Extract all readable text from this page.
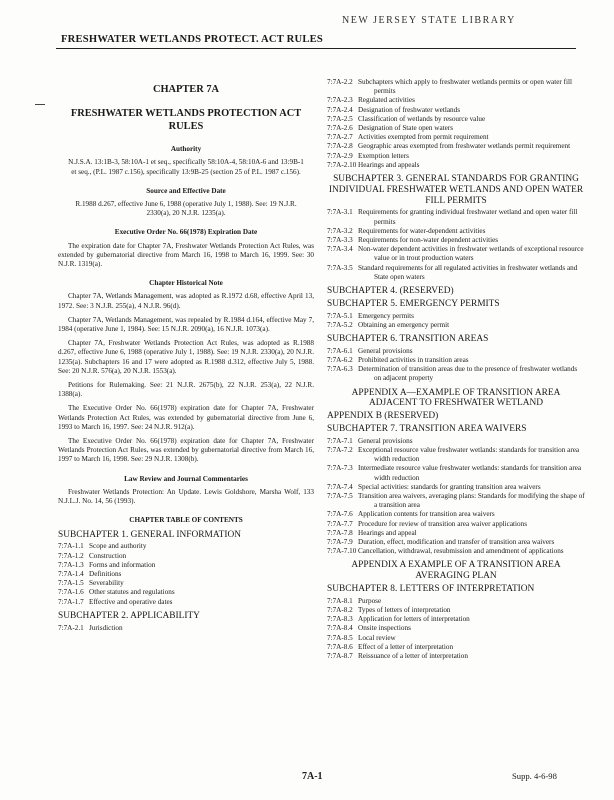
FRESHWATER WETLANDS PROTECT. ACT RULES
NEW JERSEY STATE LIBRARY
CHAPTER 7A
FRESHWATER WETLANDS PROTECTION ACT RULES
Authority
N.J.S.A. 13:1B-3, 58:10A-1 et seq., specifically 58:10A-4, 58:10A-6 and 13:9B-1 et seq., (P.L. 1987 c.156), specifically 13:9B-25 (section 25 of P.L. 1987 c.156).
Source and Effective Date
R.1988 d.267, effective June 6, 1988 (operative July 1, 1988). See: 19 N.J.R. 2330(a), 20 N.J.R. 1235(a).
Executive Order No. 66(1978) Expiration Date
The expiration date for Chapter 7A, Freshwater Wetlands Protection Act Rules, was extended by gubernatorial directive from March 16, 1998 to March 16, 1999. See: 30 N.J.R. 1319(a).
Chapter Historical Note
Chapter 7A, Wetlands Management, was adopted as R.1972 d.68, effective April 13, 1972. See: 3 N.J.R. 255(a), 4 N.J.R. 96(d).
Chapter 7A, Wetlands Management, was repealed by R.1984 d.164, effective May 7, 1984 (operative June 1, 1984). See: 15 N.J.R. 2090(a), 16 N.J.R. 1073(a).
Chapter 7A, Freshwater Wetlands Protection Act Rules, was adopted as R.1988 d.267, effective June 6, 1988 (operative July 1, 1988). See: 19 N.J.R. 2330(a), 20 N.J.R. 1235(a). Subchapters 16 and 17 were adopted as R.1988 d.312, effective July 5, 1988. See: 20 N.J.R. 576(a), 20 N.J.R. 1553(a).
Petitions for Rulemaking. See: 21 N.J.R. 2675(b), 22 N.J.R. 253(a), 22 N.J.R. 1388(a).
The Executive Order No. 66(1978) expiration date for Chapter 7A, Freshwater Wetlands Protection Act Rules, was extended by gubernatorial directive from June 6, 1993 to March 16, 1997. See: 24 N.J.R. 912(a).
The Executive Order No. 66(1978) expiration date for Chapter 7A, Freshwater Wetlands Protection Act Rules, was extended by gubernatorial directive from March 16, 1997 to March 16, 1998. See: 29 N.J.R. 1308(b).
Law Review and Journal Commentaries
Freshwater Wetlands Protection: An Update. Lewis Goldshore, Marsha Wolf, 133 N.J.L.J. No. 14, 56 (1993).
CHAPTER TABLE OF CONTENTS
SUBCHAPTER 1. GENERAL INFORMATION
7:7A-1.1 Scope and authority
7:7A-1.2 Construction
7:7A-1.3 Forms and information
7:7A-1.4 Definitions
7:7A-1.5 Severability
7:7A-1.6 Other statutes and regulations
7:7A-1.7 Effective and operative dates
SUBCHAPTER 2. APPLICABILITY
7:7A-2.1 Jurisdiction
7:7A-2.2 Subchapters which apply to freshwater wetlands permits or open water fill permits
7:7A-2.3 Regulated activities
7:7A-2.4 Designation of freshwater wetlands
7:7A-2.5 Classification of wetlands by resource value
7:7A-2.6 Designation of State open waters
7:7A-2.7 Activities exempted from permit requirement
7:7A-2.8 Geographic areas exempted from freshwater wetlands permit requirement
7:7A-2.9 Exemption letters
7:7A-2.10 Hearings and appeals
SUBCHAPTER 3. GENERAL STANDARDS FOR GRANTING INDIVIDUAL FRESHWATER WETLANDS AND OPEN WATER FILL PERMITS
7:7A-3.1 Requirements for granting individual freshwater wetland and open water fill permits
7:7A-3.2 Requirements for water-dependent activities
7:7A-3.3 Requirements for non-water dependent activities
7:7A-3.4 Non-water dependent activities in freshwater wetlands of exceptional resource value or in trout production waters
7:7A-3.5 Standard requirements for all regulated activities in freshwater wetlands and State open waters
SUBCHAPTER 4. (RESERVED)
SUBCHAPTER 5. EMERGENCY PERMITS
7:7A-5.1 Emergency permits
7:7A-5.2 Obtaining an emergency permit
SUBCHAPTER 6. TRANSITION AREAS
7:7A-6.1 General provisions
7:7A-6.2 Prohibited activities in transition areas
7:7A-6.3 Determination of transition areas due to the presence of freshwater wetlands on adjacent property
APPENDIX A—EXAMPLE OF TRANSITION AREA ADJACENT TO FRESHWATER WETLAND
APPENDIX B (RESERVED)
SUBCHAPTER 7. TRANSITION AREA WAIVERS
7:7A-7.1 General provisions
7:7A-7.2 Exceptional resource value freshwater wetlands: standards for transition area width reduction
7:7A-7.3 Intermediate resource value freshwater wetlands: standards for transition area width reduction
7:7A-7.4 Special activities: standards for granting transition area waivers
7:7A-7.5 Transition area waivers, averaging plans: Standards for modifying the shape of a transition area
7:7A-7.6 Application contents for transition area waivers
7:7A-7.7 Procedure for review of transition area waiver applications
7:7A-7.8 Hearings and appeal
7:7A-7.9 Duration, effect, modification and transfer of transition area waivers
7:7A-7.10 Cancellation, withdrawal, resubmission and amendment of applications
APPENDIX A EXAMPLE OF A TRANSITION AREA AVERAGING PLAN
SUBCHAPTER 8. LETTERS OF INTERPRETATION
7:7A-8.1 Purpose
7:7A-8.2 Types of letters of interpretation
7:7A-8.3 Application for letters of interpretation
7:7A-8.4 Onsite inspections
7:7A-8.5 Local review
7:7A-8.6 Effect of a letter of interpretation
7:7A-8.7 Reissuance of a letter of interpretation
7A-1	Supp. 4-6-98
